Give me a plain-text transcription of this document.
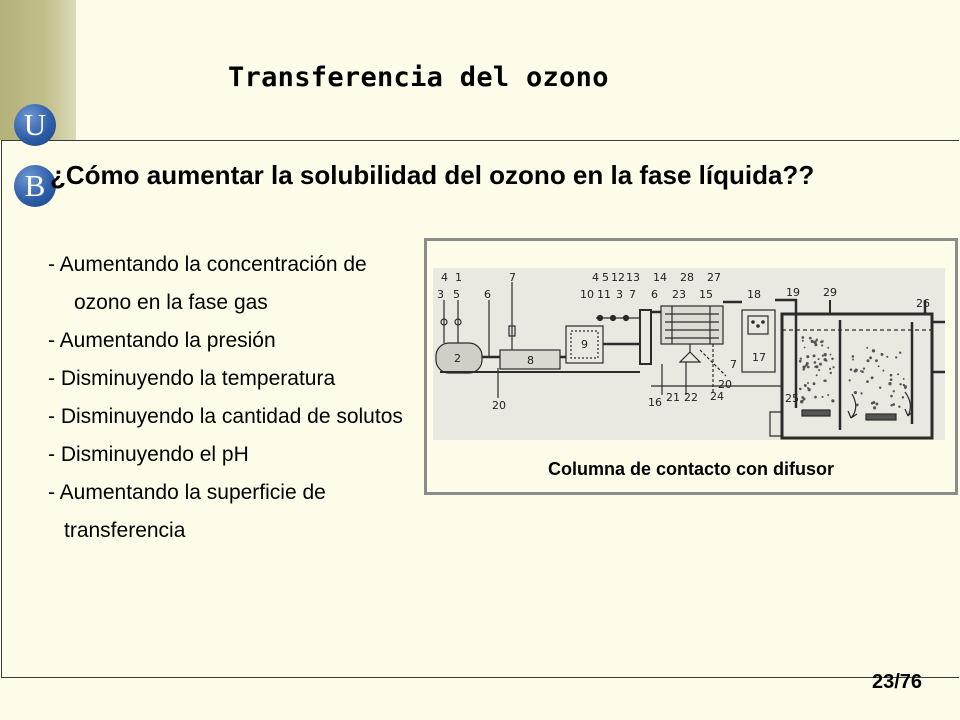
U
B
Transferencia del ozono
¿Cómo aumentar la solubilidad del ozono en la fase líquida??
- Aumentando la concentración de
ozono en la fase gas
- Aumentando la presión
- Disminuyendo la temperatura
- Disminuyendo la cantidad de solutos
- Disminuyendo el pH
- Aumentando la superficie de
transferencia
4 1	7
3 5 6
2	8
20
9
4 5 12 13 14 28 27
10 11 3 7 6 23 15	18 19 29
26
17
7
20
16 21 22 24	25
Columna de contacto con difusor
23/76
